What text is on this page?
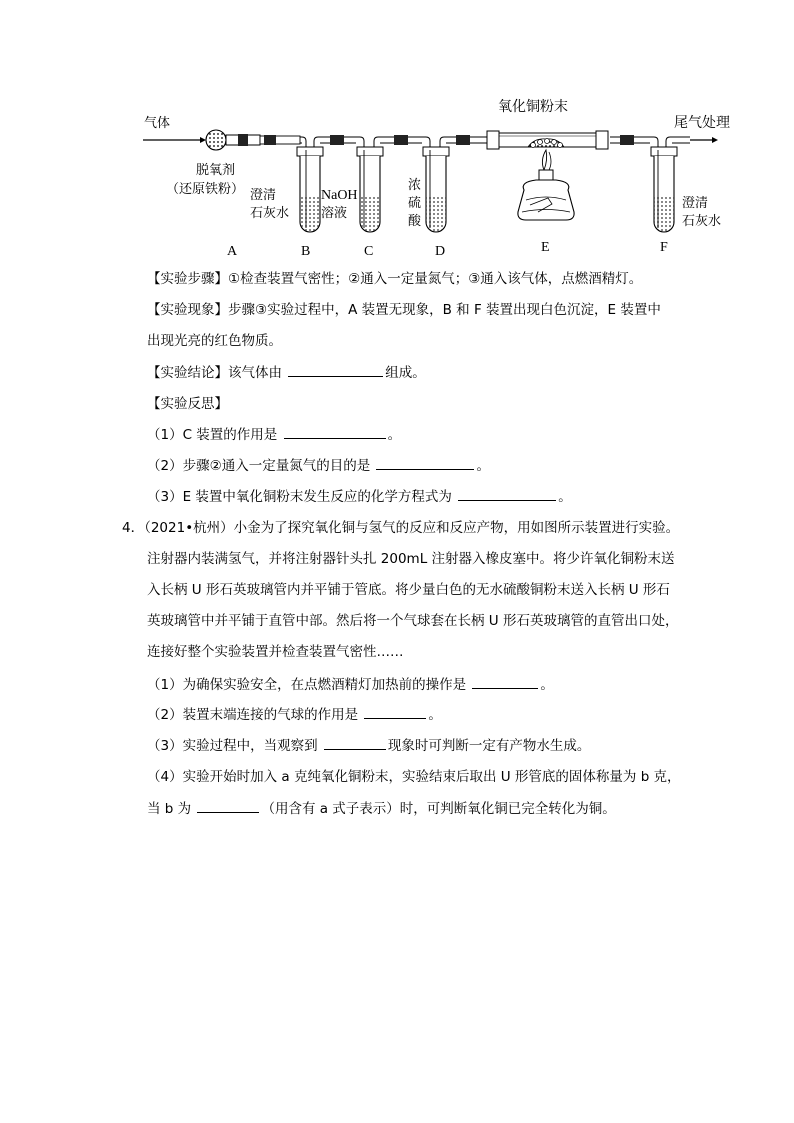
气体
氧化铜粉末
尾气处理
脱氧剂
（还原铁粉） 澄清
石灰水
NaOH
溶液
浓
硫
酸
澄清
石灰水
A	B	C	D	E	F
【实验步骤】①检查装置气密性；②通入一定量氮气；③通入该气体，点燃酒精灯。
【实验现象】步骤③实验过程中，A 装置无现象，B 和 F 装置出现白色沉淀，E 装置中
出现光亮的红色物质。
【实验结论】该气体由	组成。
【实验反思】
（1）C 装置的作用是	。
（2）步骤②通入一定量氮气的目的是	。
（3）E 装置中氧化铜粉末发生反应的化学方程式为	。
4．（2021•杭州）小金为了探究氧化铜与氢气的反应和反应产物，用如图所示装置进行实验。
注射器内装满氢气，并将注射器针头扎 200mL 注射器入橡皮塞中。将少许氧化铜粉末送
入长柄 U 形石英玻璃管内并平铺于管底。将少量白色的无水硫酸铜粉末送入长柄 U 形石
英玻璃管中并平铺于直管中部。然后将一个气球套在长柄 U 形石英玻璃管的直管出口处，
连接好整个实验装置并检查装置气密性……
（1）为确保实验安全，在点燃酒精灯加热前的操作是	。
（2）装置末端连接的气球的作用是	。
（3）实验过程中，当观察到	现象时可判断一定有产物水生成。
（4）实验开始时加入 a 克纯氧化铜粉末，实验结束后取出 U 形管底的固体称量为 b 克，
当 b 为	（用含有 a 式子表示）时，可判断氧化铜已完全转化为铜。
